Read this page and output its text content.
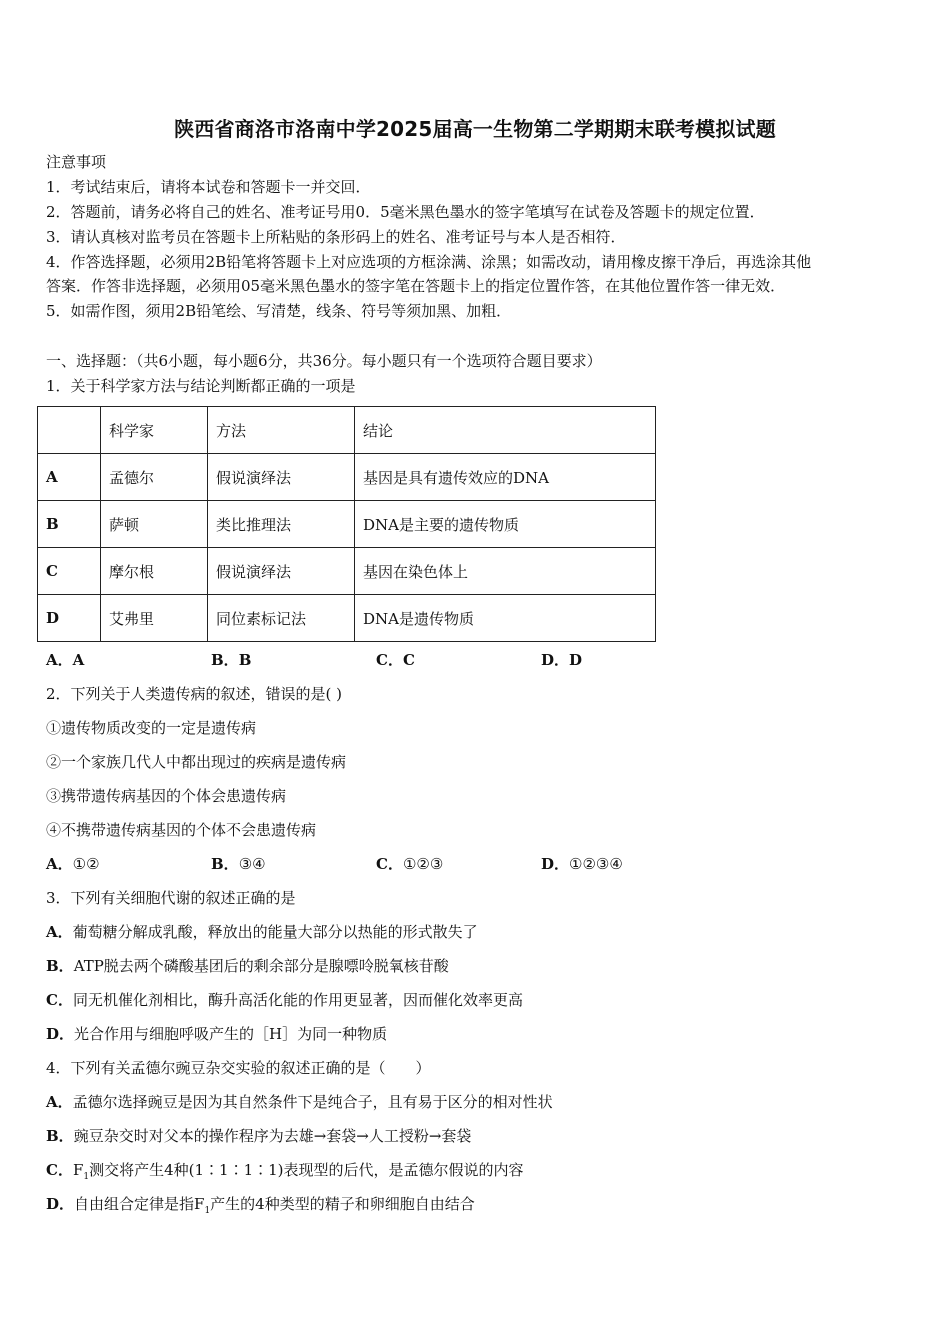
陕西省商洛市洛南中学2025届高一生物第二学期期末联考模拟试题
注意事项
1．考试结束后，请将本试卷和答题卡一并交回．
2．答题前，请务必将自己的姓名、准考证号用0．5毫米黑色墨水的签字笔填写在试卷及答题卡的规定位置．
3．请认真核对监考员在答题卡上所粘贴的条形码上的姓名、准考证号与本人是否相符．
4．作答选择题，必须用2B铅笔将答题卡上对应选项的方框涂满、涂黑；如需改动，请用橡皮擦干净后，再选涂其他
答案．作答非选择题，必须用05毫米黑色墨水的签字笔在答题卡上的指定位置作答，在其他位置作答一律无效．
5．如需作图，须用2B铅笔绘、写清楚，线条、符号等须加黑、加粗．
一、选择题：（共6小题，每小题6分，共36分。每小题只有一个选项符合题目要求）
1．关于科学家方法与结论判断都正确的一项是
	科学家	方法	结论
A	孟德尔	假说演绎法	基因是具有遗传效应的DNA
B	萨顿	类比推理法	DNA是主要的遗传物质
C	摩尔根	假说演绎法	基因在染色体上
D	艾弗里	同位素标记法	DNA是遗传物质
A．A	B．B	C．C	D．D
2．下列关于人类遗传病的叙述，错误的是( )
①遗传物质改变的一定是遗传病
②一个家族几代人中都出现过的疾病是遗传病
③携带遗传病基因的个体会患遗传病
④不携带遗传病基因的个体不会患遗传病
A．①②	B．③④	C．①②③	D．①②③④
3．下列有关细胞代谢的叙述正确的是
A．葡萄糖分解成乳酸，释放出的能量大部分以热能的形式散失了
B．ATP脱去两个磷酸基团后的剩余部分是腺嘌呤脱氧核苷酸
C．同无机催化剂相比，酶升高活化能的作用更显著，因而催化效率更高
D．光合作用与细胞呼吸产生的［H］为同一种物质
4．下列有关孟德尔豌豆杂交实验的叙述正确的是（　　）
A．孟德尔选择豌豆是因为其自然条件下是纯合子，且有易于区分的相对性状
B．豌豆杂交时对父本的操作程序为去雄→套袋→人工授粉→套袋
C．$F_1$测交将产生4种(1∶1∶1∶1)表现型的后代，是孟德尔假说的内容
D．自由组合定律是指$F_1$产生的4种类型的精子和卵细胞自由结合
